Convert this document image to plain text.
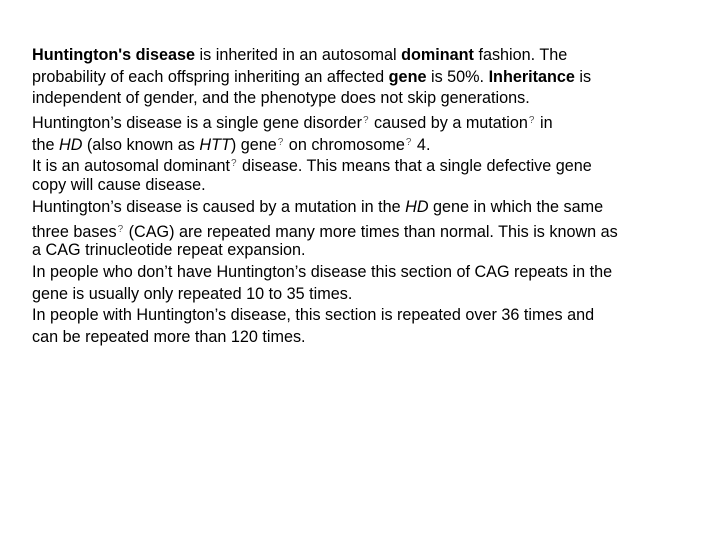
Huntington's disease is inherited in an autosomal dominant fashion. The
probability of each offspring inheriting an affected gene is 50%. Inheritance is
independent of gender, and the phenotype does not skip generations.
Huntington’s disease is a single gene disorder? caused by a mutation? in
the HD (also known as HTT) gene? on chromosome? 4.
It is an autosomal dominant? disease. This means that a single defective gene
copy will cause disease.
Huntington’s disease is caused by a mutation in the HD gene in which the same
three bases? (CAG) are repeated many more times than normal. This is known as
a CAG trinucleotide repeat expansion.
In people who don’t have Huntington’s disease this section of CAG repeats in the
gene is usually only repeated 10 to 35 times.
In people with Huntington’s disease, this section is repeated over 36 times and
can be repeated more than 120 times.
